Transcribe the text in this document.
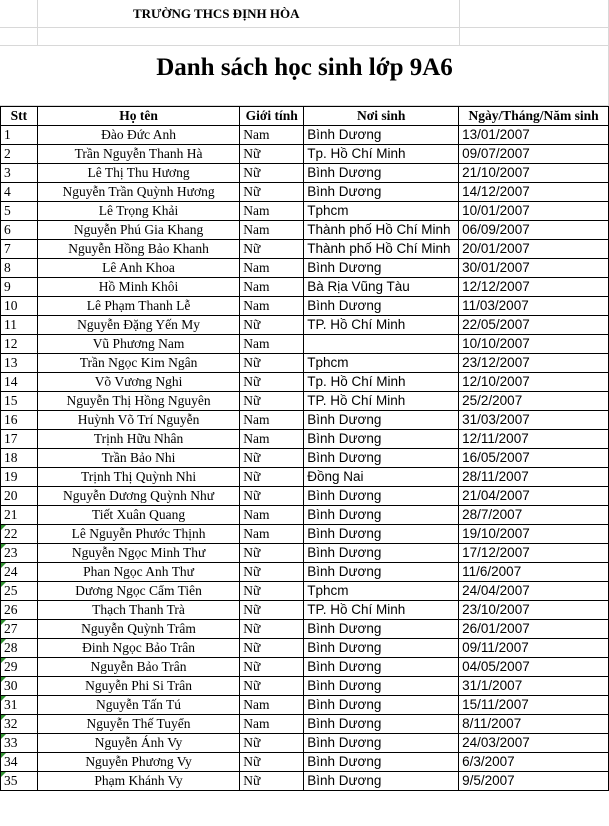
TRƯỜNG THCS ĐỊNH HÒA
Danh sách học sinh lớp 9A6
Stt	Họ tên	Giới tính	Nơi sinh	Ngày/Tháng/Năm sinh
1	Đào Đức Anh	Nam	Bình Dương	13/01/2007
2	Trần Nguyễn Thanh Hà	Nữ	Tp. Hồ Chí Minh	09/07/2007
3	Lê Thị Thu Hương	Nữ	Bình Dương	21/10/2007
4	Nguyễn Trần Quỳnh Hương	Nữ	Bình Dương	14/12/2007
5	Lê Trọng Khải	Nam	Tphcm	10/01/2007
6	Nguyễn Phú Gia Khang	Nam	Thành phố Hồ Chí Minh	06/09/2007
7	Nguyễn Hồng Bảo Khanh	Nữ	Thành phố Hồ Chí Minh	20/01/2007
8	Lê Anh Khoa	Nam	Bình Dương	30/01/2007
9	Hồ Minh Khôi	Nam	Bà Rịa Vũng Tàu	12/12/2007
10	Lê Phạm Thanh Lễ	Nam	Bình Dương	11/03/2007
11	Nguyễn Đặng Yến My	Nữ	TP. Hồ Chí Minh	22/05/2007
12	Vũ Phương Nam	Nam		10/10/2007
13	Trần Ngọc Kim Ngân	Nữ	Tphcm	23/12/2007
14	Võ Vương Nghi	Nữ	Tp. Hồ Chí Minh	12/10/2007
15	Nguyễn Thị Hồng Nguyên	Nữ	TP. Hồ Chí Minh	25/2/2007
16	Huỳnh Võ Trí Nguyễn	Nam	Bình Dương	31/03/2007
17	Trịnh Hữu Nhân	Nam	Bình Dương	12/11/2007
18	Trần Bảo Nhi	Nữ	Bình Dương	16/05/2007
19	Trịnh Thị Quỳnh Nhi	Nữ	Đồng Nai	28/11/2007
20	Nguyễn Dương Quỳnh Như	Nữ	Bình Dương	21/04/2007
21	Tiết Xuân Quang	Nam	Bình Dương	28/7/2007
22	Lê Nguyễn Phước Thịnh	Nam	Bình Dương	19/10/2007
23	Nguyễn Ngọc Minh Thư	Nữ	Bình Dương	17/12/2007
24	Phan Ngọc Anh Thư	Nữ	Bình Dương	11/6/2007
25	Dương Ngọc Cẩm Tiên	Nữ	Tphcm	24/04/2007
26	Thạch Thanh Trà	Nữ	TP. Hồ Chí Minh	23/10/2007
27	Nguyễn Quỳnh Trâm	Nữ	Bình Dương	26/01/2007
28	Đinh Ngọc Bảo Trân	Nữ	Bình Dương	09/11/2007
29	Nguyễn Bảo Trân	Nữ	Bình Dương	04/05/2007
30	Nguyễn Phi Si Trân	Nữ	Bình Dương	31/1/2007
31	Nguyễn Tấn Tú	Nam	Bình Dương	15/11/2007
32	Nguyễn Thế Tuyển	Nam	Bình Dương	8/11/2007
33	Nguyễn Ánh Vy	Nữ	Bình Dương	24/03/2007
34	Nguyễn Phương Vy	Nữ	Bình Dương	6/3/2007
35	Phạm Khánh Vy	Nữ	Bình Dương	9/5/2007
